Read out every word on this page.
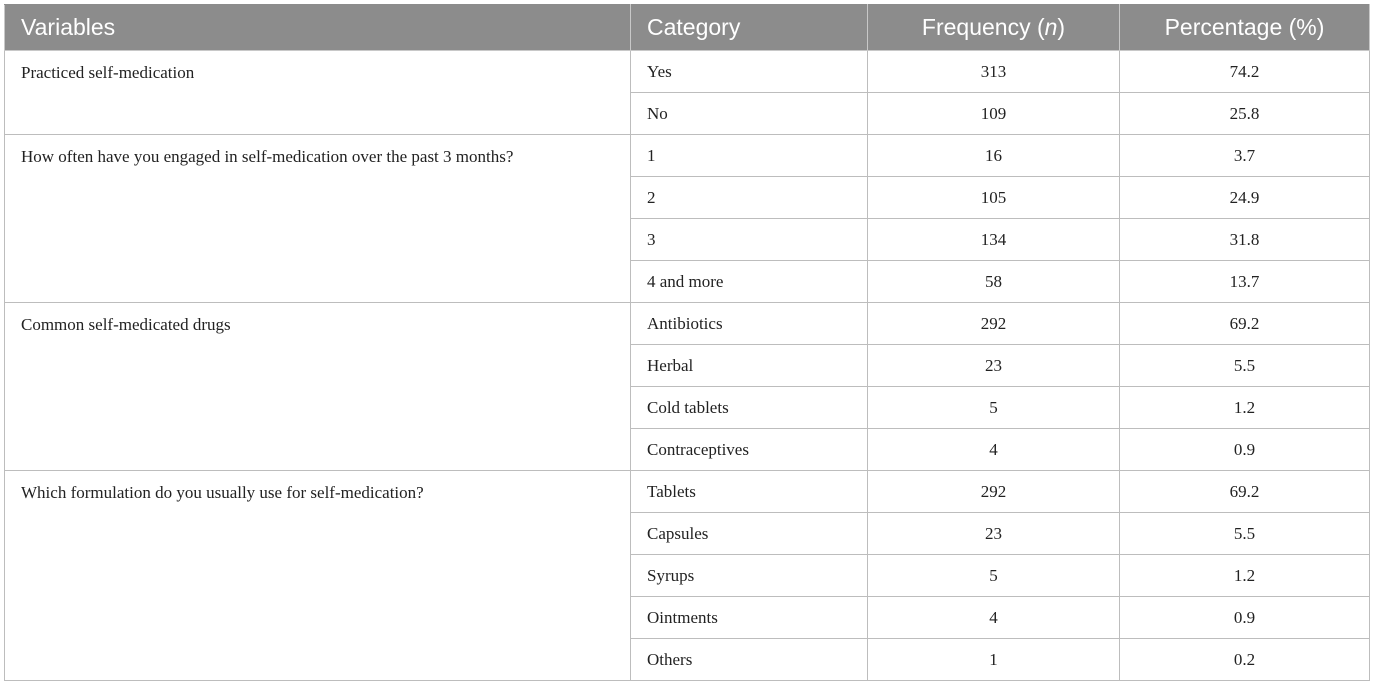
Variables	Category	Frequency (n)	Percentage (%)
Practiced self-medication	Yes	313	74.2
	No	109	25.8
How often have you engaged in self-medication over the past 3 months?	1	16	3.7
	2	105	24.9
	3	134	31.8
	4 and more	58	13.7
Common self-medicated drugs	Antibiotics	292	69.2
	Herbal	23	5.5
	Cold tablets	5	1.2
	Contraceptives	4	0.9
Which formulation do you usually use for self-medication?	Tablets	292	69.2
	Capsules	23	5.5
	Syrups	5	1.2
	Ointments	4	0.9
	Others	1	0.2
